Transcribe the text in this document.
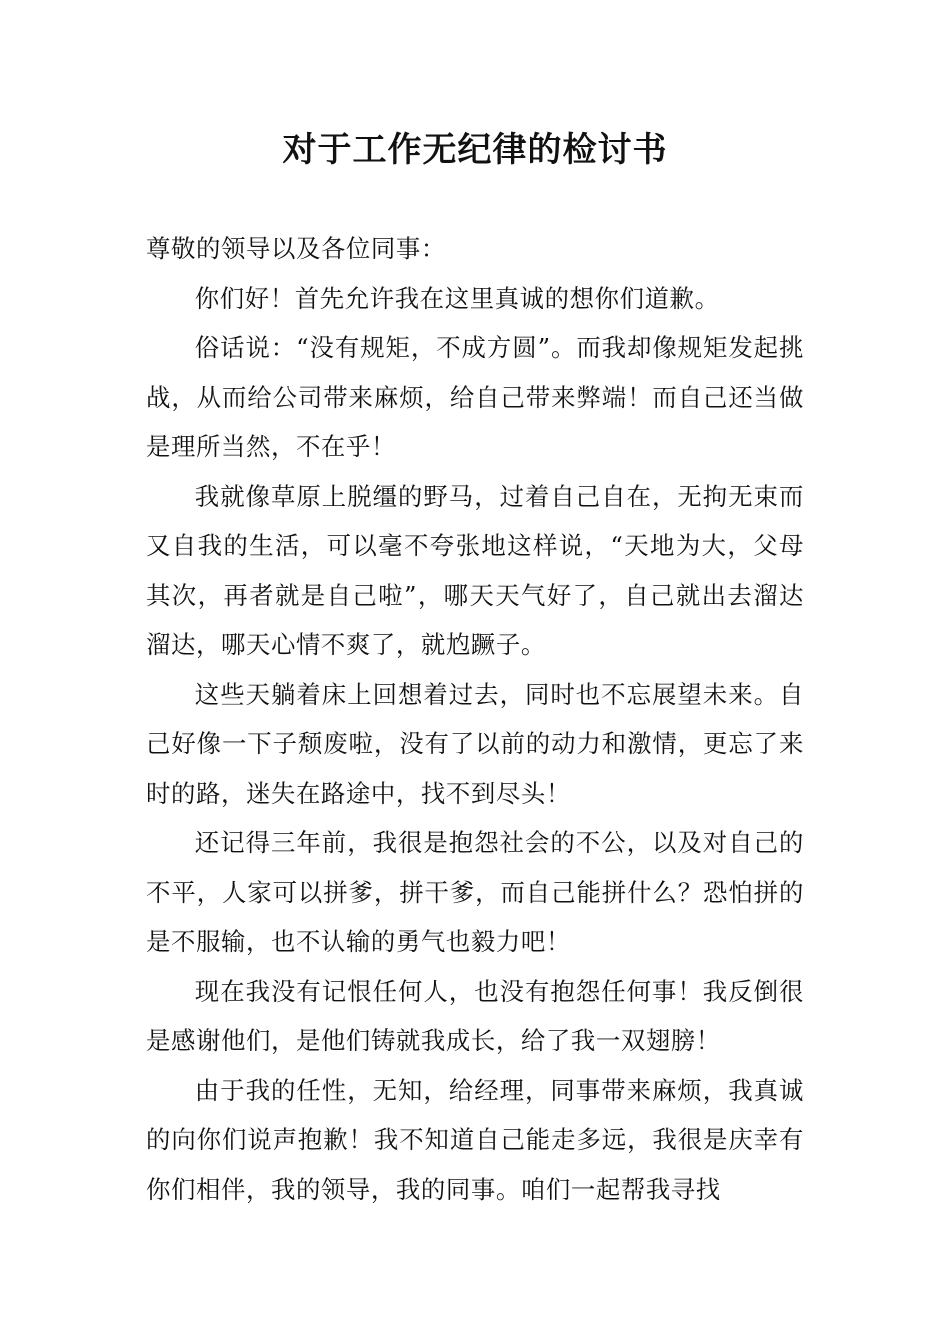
对于工作无纪律的检讨书

尊敬的领导以及各位同事：

你们好！首先允许我在这里真诚的想你们道歉。

俗话说：“没有规矩，不成方圆”。而我却像规矩发起挑战，从而给公司带来麻烦，给自己带来弊端！而自己还当做是理所当然，不在乎！

我就像草原上脱缰的野马，过着自己自在，无拘无束而又自我的生活，可以毫不夸张地这样说，“天地为大，父母其次，再者就是自己啦”，哪天天气好了，自己就出去溜达溜达，哪天心情不爽了，就尥蹶子。

这些天躺着床上回想着过去，同时也不忘展望未来。自己好像一下子颓废啦，没有了以前的动力和激情，更忘了来时的路，迷失在路途中，找不到尽头！

还记得三年前，我很是抱怨社会的不公，以及对自己的不平，人家可以拼爹，拼干爹，而自己能拼什么？恐怕拼的是不服输，也不认输的勇气也毅力吧！

现在我没有记恨任何人，也没有抱怨任何事！我反倒很是感谢他们，是他们铸就我成长，给了我一双翅膀！

由于我的任性，无知，给经理，同事带来麻烦，我真诚的向你们说声抱歉！我不知道自己能走多远，我很是庆幸有你们相伴，我的领导，我的同事。咱们一起帮我寻找
